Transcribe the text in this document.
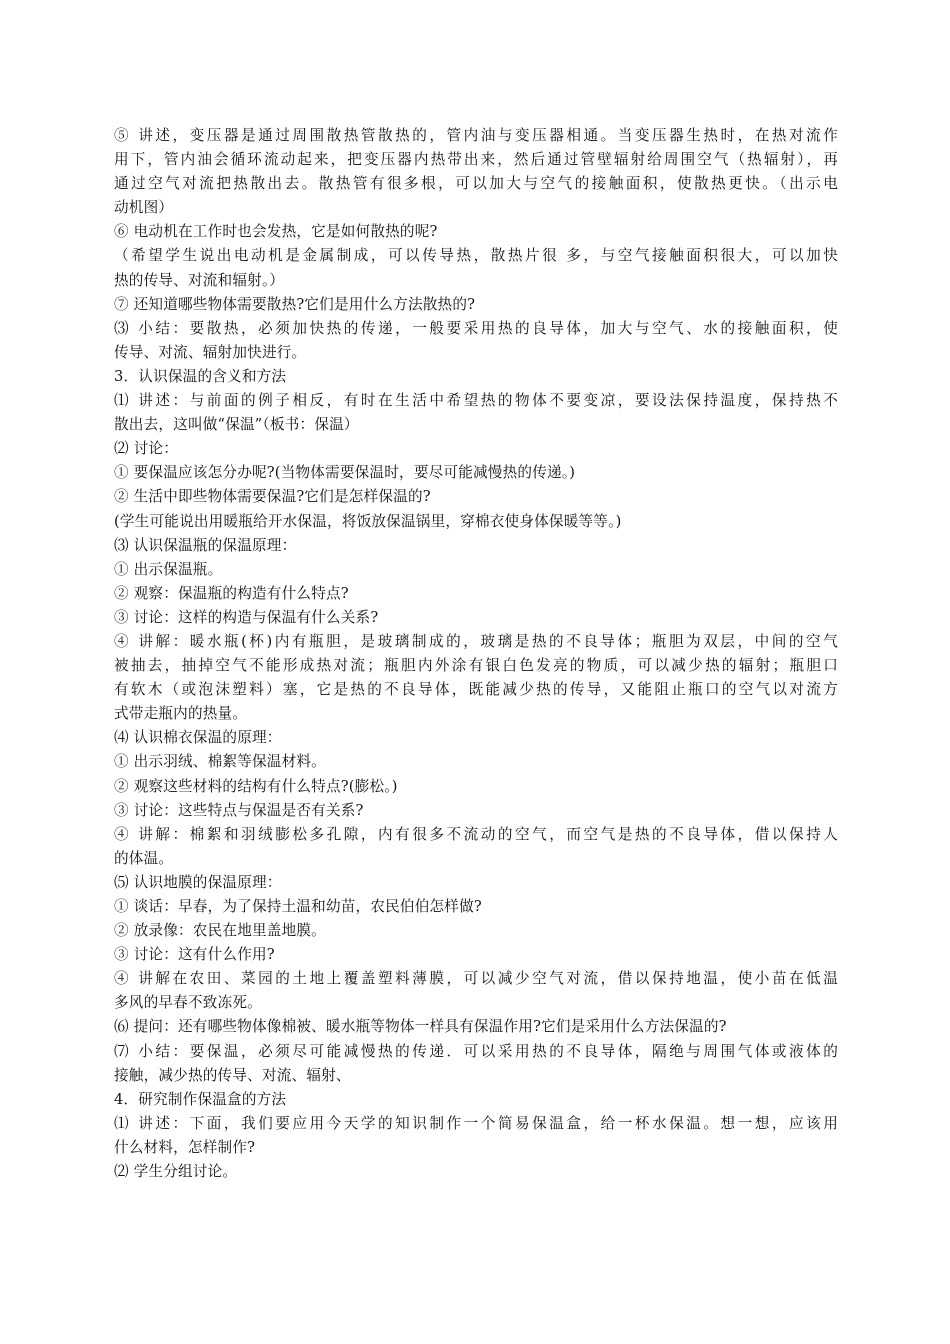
⑤ 讲述，变压器是通过周围散热管散热的，管内油与变压器相通。当变压器生热时，在热对流作
用下，管内油会循环流动起来，把变压器内热带出来，然后通过管壁辐射给周围空气（热辐射），再
通过空气对流把热散出去。散热管有很多根，可以加大与空气的接触面积，使散热更快。（出示电
动机图）
⑥ 电动机在工作时也会发热，它是如何散热的呢?
（希望学生说出电动机是金属制成，可以传导热，散热片很 多，与空气接触面积很大，可以加快
热的传导、对流和辐射。）
⑦ 还知道哪些物体需要散热?它们是用什么方法散热的?
⑶ 小结：要散热，必须加快热的传递，一般要采用热的良导体，加大与空气、水的接触面积，使
传导、对流、辐射加快进行。
3．认识保温的含义和方法
⑴ 讲述：与前面的例子相反，有时在生活中希望热的物体不要变凉，要设法保持温度，保持热不
散出去，这叫做“保温”（板书：保温）
⑵ 讨论：
① 要保温应该怎分办呢?(当物体需要保温时，要尽可能减慢热的传递。)
② 生活中即些物体需要保温?它们是怎样保温的?
(学生可能说出用暖瓶给开水保温，将饭放保温锅里，穿棉衣使身体保暖等等。)
⑶ 认识保温瓶的保温原理：
① 出示保温瓶。
② 观察：保温瓶的构造有什么特点?
③ 讨论：这样的构造与保温有什么关系?
④ 讲解：暖水瓶(杯)内有瓶胆，是玻璃制成的，玻璃是热的不良导体；瓶胆为双层，中间的空气
被抽去，抽掉空气不能形成热对流；瓶胆内外涂有银白色发亮的物质，可以减少热的辐射；瓶胆口
有软木（或泡沫塑料）塞，它是热的不良导体，既能减少热的传导，又能阻止瓶口的空气以对流方
式带走瓶内的热量。
⑷ 认识棉衣保温的原理：
① 出示羽绒、棉絮等保温材料。
② 观察这些材料的结构有什么特点?(膨松。)
③ 讨论：这些特点与保温是否有关系?
④ 讲解：棉絮和羽绒膨松多孔隙，内有很多不流动的空气，而空气是热的不良导体，借以保持人
的体温。
⑸ 认识地膜的保温原理：
① 谈话：早春，为了保持土温和幼苗，农民伯伯怎样做?
② 放录像：农民在地里盖地膜。
③ 讨论：这有什么作用?
④ 讲解在农田、菜园的土地上覆盖塑料薄膜，可以减少空气对流，借以保持地温，使小苗在低温
多风的早春不致冻死。
⑹ 提问：还有哪些物体像棉被、暖水瓶等物体一样具有保温作用?它们是采用什么方法保温的?
⑺ 小结：要保温，必须尽可能减慢热的传递．可以采用热的不良导体，隔绝与周围气体或液体的
接触，减少热的传导、对流、辐射、
4．研究制作保温盒的方法
⑴ 讲述：下面，我们要应用今天学的知识制作一个简易保温盒，给一杯水保温。想一想，应该用
什么材料，怎样制作?
⑵ 学生分组讨论。
